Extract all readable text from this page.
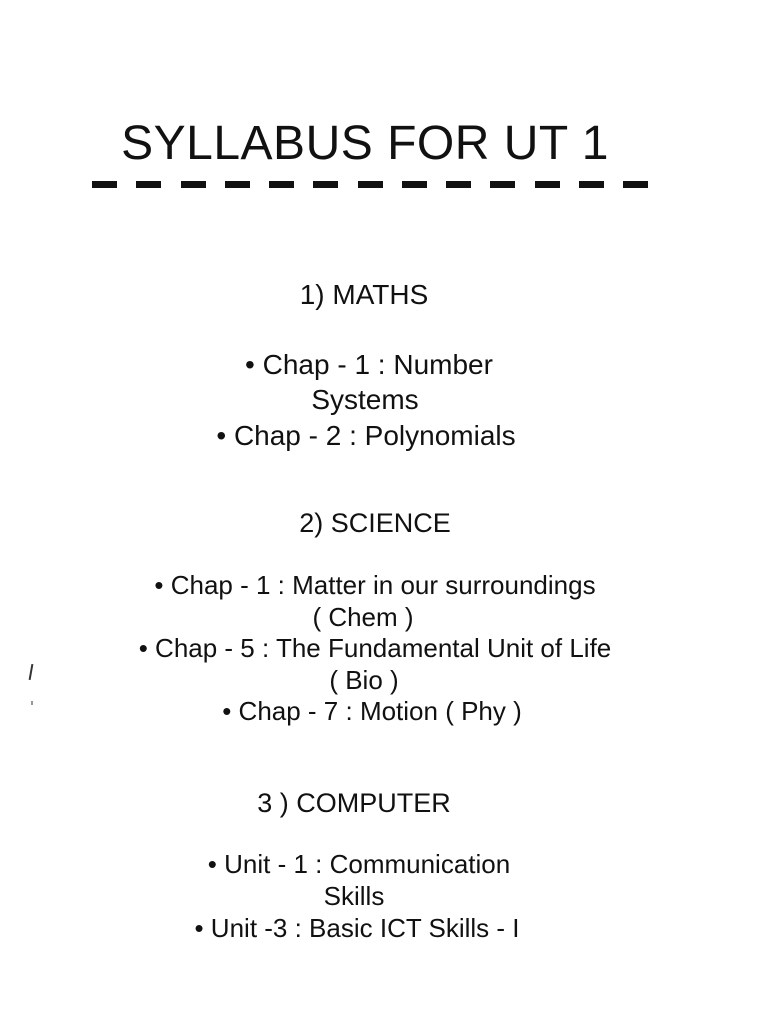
SYLLABUS FOR UT 1
1) MATHS
• Chap - 1 : Number
Systems
• Chap - 2 : Polynomials
2) SCIENCE
• Chap - 1 : Matter in our surroundings
( Chem )
• Chap - 5 : The Fundamental Unit of Life
( Bio )
• Chap - 7 : Motion ( Phy )
3 ) COMPUTER
• Unit - 1 : Communication
Skills
• Unit -3 : Basic ICT Skills - I
